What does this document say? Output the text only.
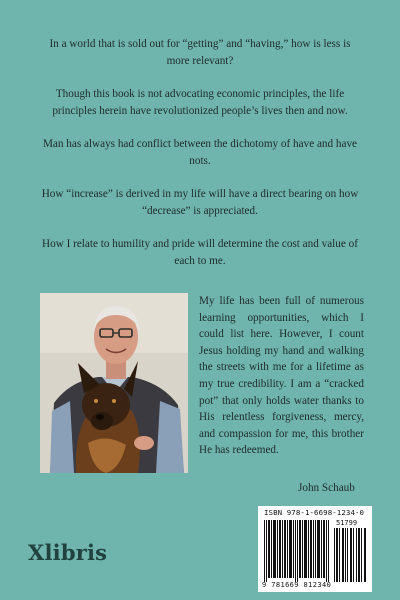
In a world that is sold out for “getting” and “having,” how is less is more relevant?

Though this book is not advocating economic principles, the life principles herein have revolutionized people’s lives then and now.

Man has always had conflict between the dichotomy of have and have nots.

How “increase” is derived in my life will have a direct bearing on how “decrease” is appreciated.

How I relate to humility and pride will determine the cost and value of each to me.

My life has been full of numerous learning opportunities, which I could list here. However, I count Jesus holding my hand and walking the streets with me for a lifetime as my true credibility. I am a “cracked pot” that only holds water thanks to His relentless forgiveness, mercy, and compassion for me, this brother He has redeemed.
John Schaub
Xlibris
ISBN 978-1-6698-1234-0
51799
9 781669 812340
